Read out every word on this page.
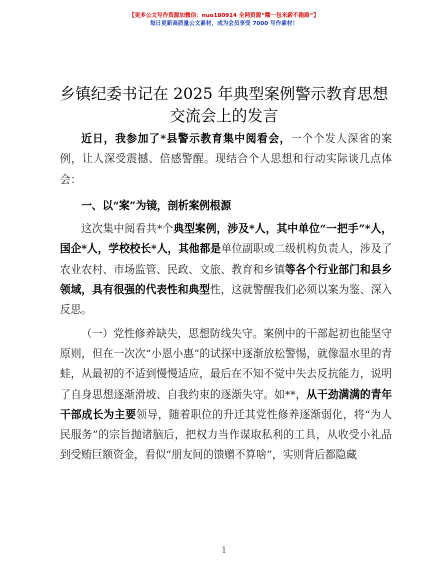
【更多公文写作资源加微信：nuo180914 全网资源“糯一包米薪不跑路”】
每日更新高质量公文素材，成为会员享受 7000 写作素材！
乡镇纪委书记在 2025 年典型案例警示教育思想
交流会上的发言

近日，我参加了*县警示教育集中阅看会，一个个发人深省的案例，让人深受震撼、倍感警醒。现结合个人思想和行动实际谈几点体会：

一、以“案”为镜，剖析案例根源

这次集中阅看共*个典型案例，涉及*人，其中单位“一把手”*人，国企*人，学校校长*人，其他都是单位副职或二级机构负责人，涉及了农业农村、市场监管、民政、文旅、教育和乡镇等各个行业部门和县乡领域，具有很强的代表性和典型性，这就警醒我们必须以案为鉴、深入反思。

（一）党性修养缺失，思想防线失守。案例中的干部起初也能坚守原则，但在一次次“小恩小惠”的试探中逐渐放松警惕，就像温水里的青蛙，从最初的不适到慢慢适应，最后在不知不觉中失去反抗能力，说明了自身思想逐渐滑坡、自我约束的逐渐失守。如**，从干劲满满的青年干部成长为主要领导，随着职位的升迁其党性修养逐渐弱化，将“为人民服务”的宗旨抛诸脑后，把权力当作谋取私利的工具，从收受小礼品到受贿巨额资金，看似“朋友间的馈赠不算啥”，实则背后都隐藏

1
